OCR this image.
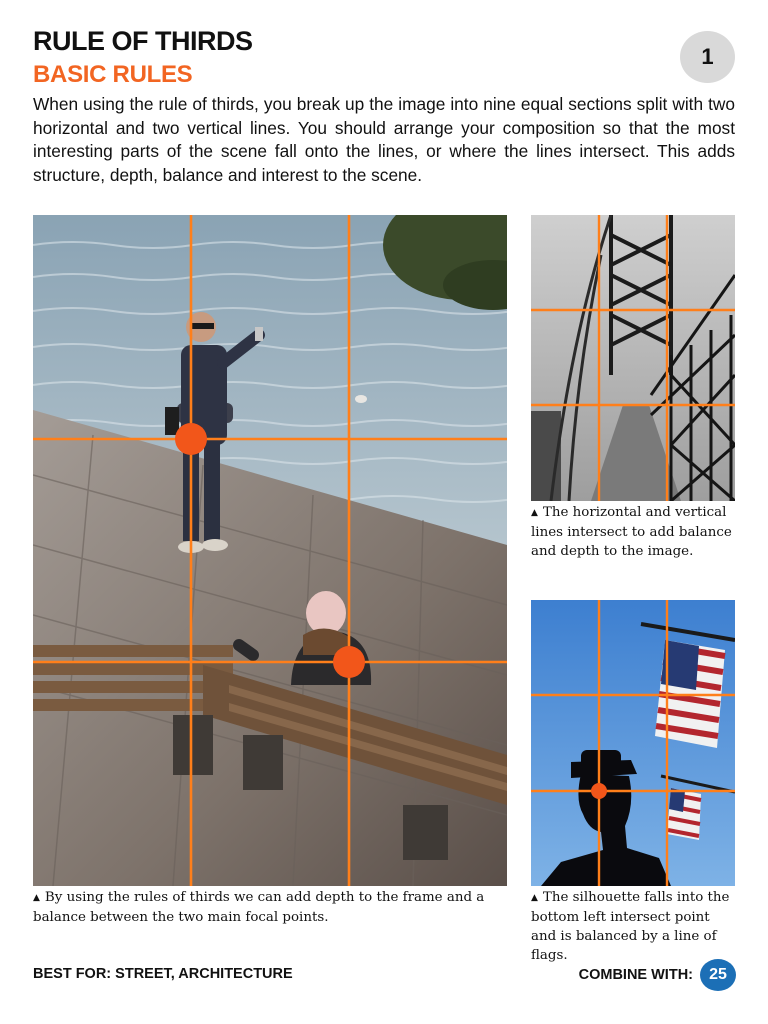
RULE OF THIRDS
BASIC RULES
1

When using the rule of thirds, you break up the image into nine equal sections split with two horizontal and two vertical lines. You should arrange your composition so that the most interesting parts of the scene fall onto the lines, or where the lines intersect. This adds structure, depth, balance and interest to the scene.

▲ The horizontal and vertical lines intersect to add balance and depth to the image.

▲ The silhouette falls into the bottom left intersect point and is balanced by a line of flags.

▲ By using the rules of thirds we can add depth to the frame and a balance between the two main focal points.

BEST FOR: STREET, ARCHITECTURE	COMBINE WITH:	25
